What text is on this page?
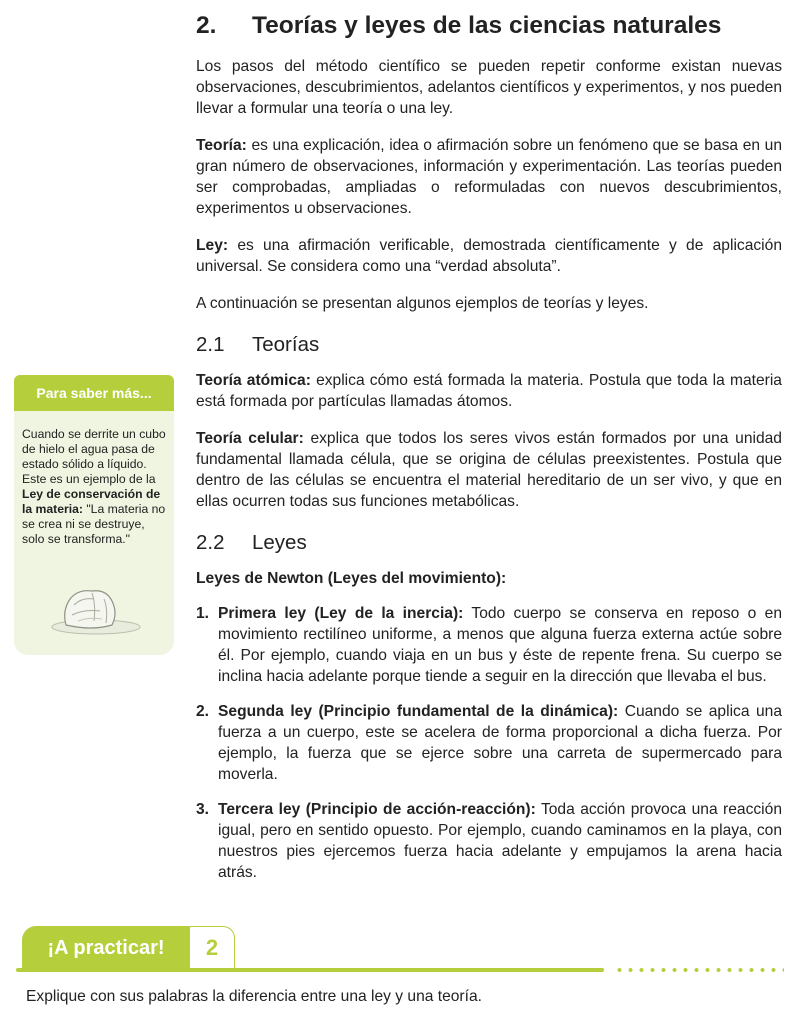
2. Teorías y leyes de las ciencias naturales

Los pasos del método científico se pueden repetir conforme existan nuevas observaciones, descubrimientos, adelantos científicos y experimentos, y nos pueden llevar a formular una teoría o una ley.

Teoría: es una explicación, idea o afirmación sobre un fenómeno que se basa en un gran número de observaciones, información y experimentación. Las teorías pueden ser comprobadas, ampliadas o reformuladas con nuevos descubrimientos, experimentos u observaciones.

Ley: es una afirmación verificable, demostrada científicamente y de aplicación universal. Se considera como una “verdad absoluta”.

A continuación se presentan algunos ejemplos de teorías y leyes.

2.1 Teorías

Teoría atómica: explica cómo está formada la materia. Postula que toda la materia está formada por partículas llamadas átomos.

Teoría celular: explica que todos los seres vivos están formados por una unidad fundamental llamada célula, que se origina de células preexistentes. Postula que dentro de las células se encuentra el material hereditario de un ser vivo, y que en ellas ocurren todas sus funciones metabólicas.

2.2 Leyes

Leyes de Newton (Leyes del movimiento):

1. Primera ley (Ley de la inercia): Todo cuerpo se conserva en reposo o en movimiento rectilíneo uniforme, a menos que alguna fuerza externa actúe sobre él. Por ejemplo, cuando viaja en un bus y éste de repente frena. Su cuerpo se inclina hacia adelante porque tiende a seguir en la dirección que llevaba el bus.
2. Segunda ley (Principio fundamental de la dinámica): Cuando se aplica una fuerza a un cuerpo, este se acelera de forma proporcional a dicha fuerza. Por ejemplo, la fuerza que se ejerce sobre una carreta de supermercado para moverla.
3. Tercera ley (Principio de acción-reacción): Toda acción provoca una reacción igual, pero en sentido opuesto. Por ejemplo, cuando caminamos en la playa, con nuestros pies ejercemos fuerza hacia adelante y empujamos la arena hacia atrás.
Para saber más...
Cuando se derrite un cubo de hielo el agua pasa de estado sólido a líquido. Este es un ejemplo de la Ley de conservación de la materia: "La materia no se crea ni se destruye, solo se transforma."
¡A practicar!	2
Explique con sus palabras la diferencia entre una ley y una teoría.
